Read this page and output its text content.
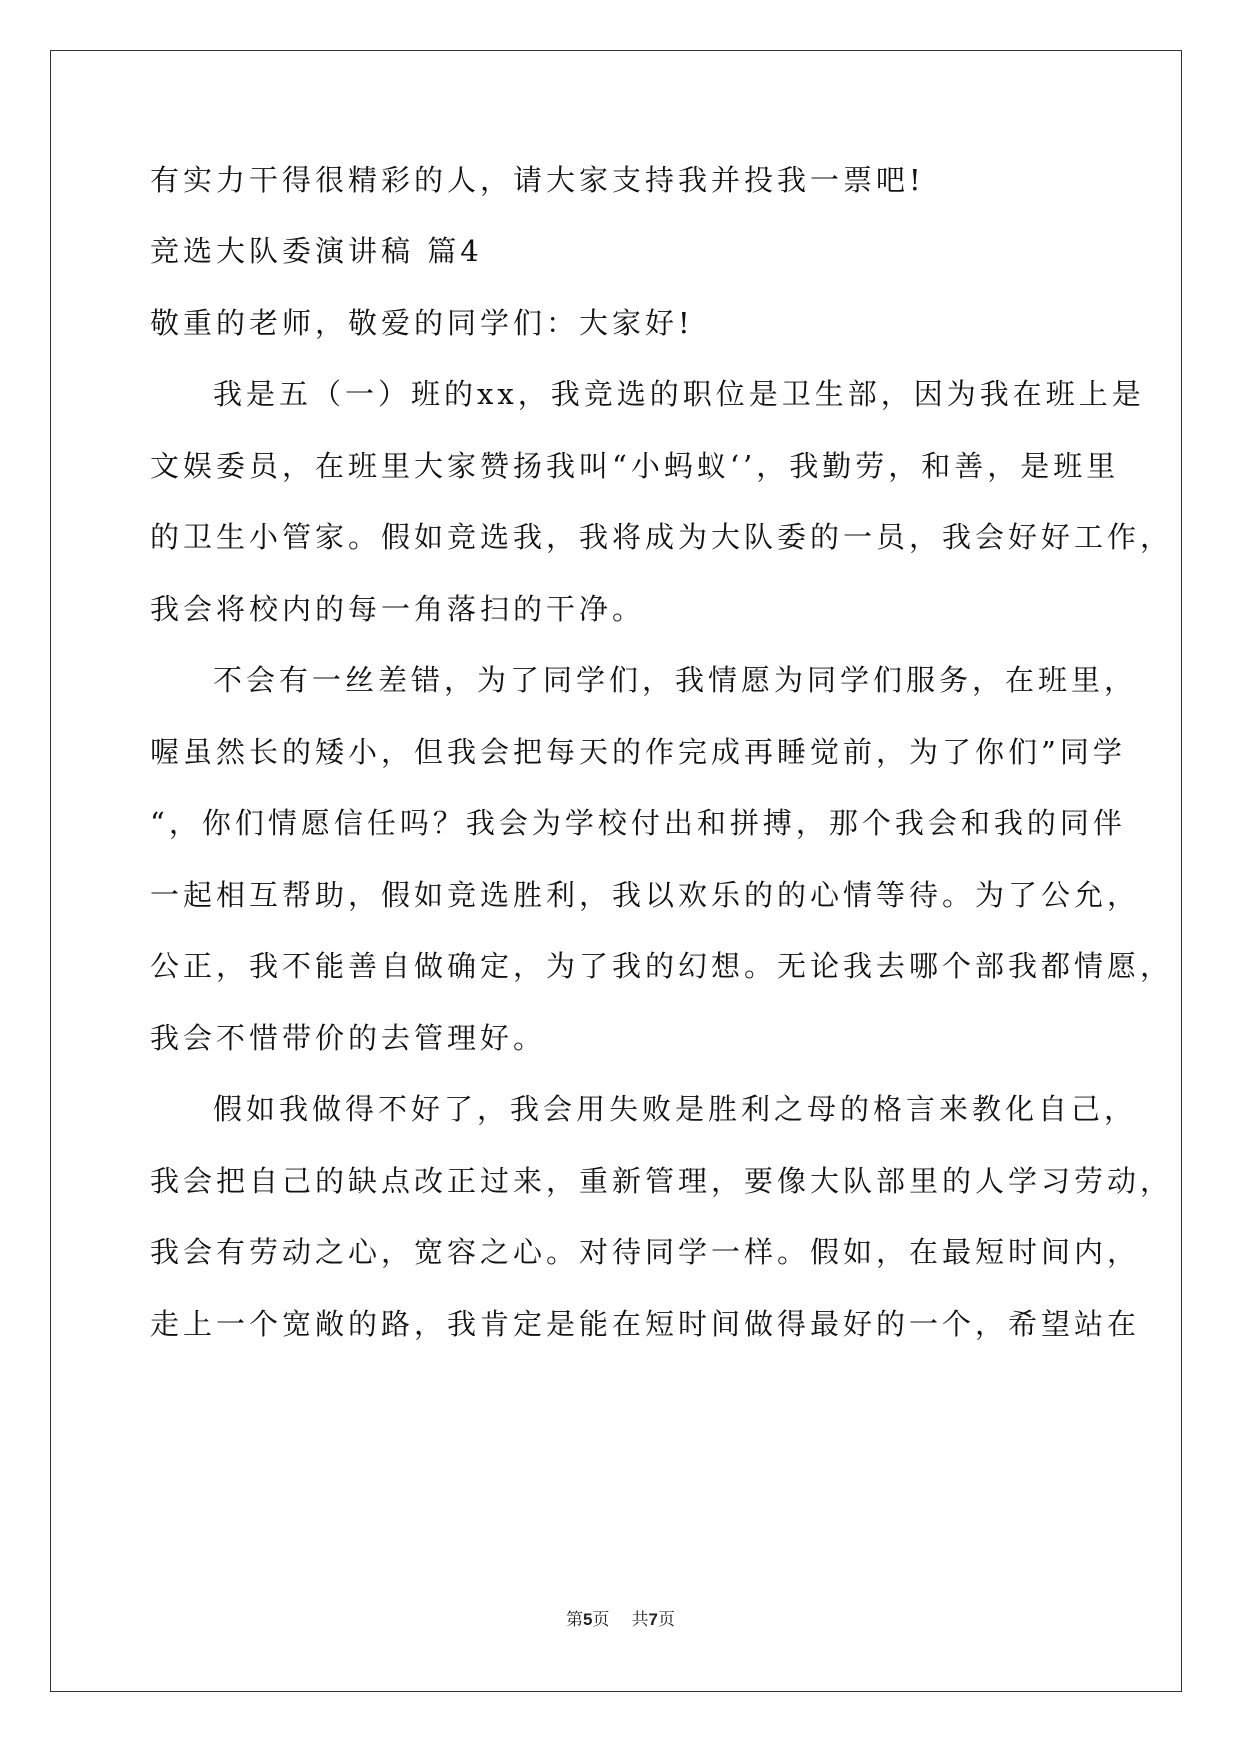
有实力干得很精彩的人，请大家支持我并投我一票吧!
竞选大队委演讲稿 篇4
敬重的老师，敬爱的同学们：大家好!
我是五（一）班的xx，我竞选的职位是卫生部，因为我在班上是
文娱委员，在班里大家赞扬我叫“小蚂蚁‘’，我勤劳，和善，是班里
的卫生小管家。假如竞选我，我将成为大队委的一员，我会好好工作，
我会将校内的每一角落扫的干净。
不会有一丝差错，为了同学们，我情愿为同学们服务，在班里，
喔虽然长的矮小，但我会把每天的作完成再睡觉前，为了你们”同学
“，你们情愿信任吗？我会为学校付出和拼搏，那个我会和我的同伴
一起相互帮助，假如竞选胜利，我以欢乐的的心情等待。为了公允，
公正，我不能善自做确定，为了我的幻想。无论我去哪个部我都情愿，
我会不惜带价的去管理好。
假如我做得不好了，我会用失败是胜利之母的格言来教化自己，
我会把自己的缺点改正过来，重新管理，要像大队部里的人学习劳动，
我会有劳动之心，宽容之心。对待同学一样。假如，在最短时间内，
走上一个宽敞的路，我肯定是能在短时间做得最好的一个，希望站在
第5页 共7页
